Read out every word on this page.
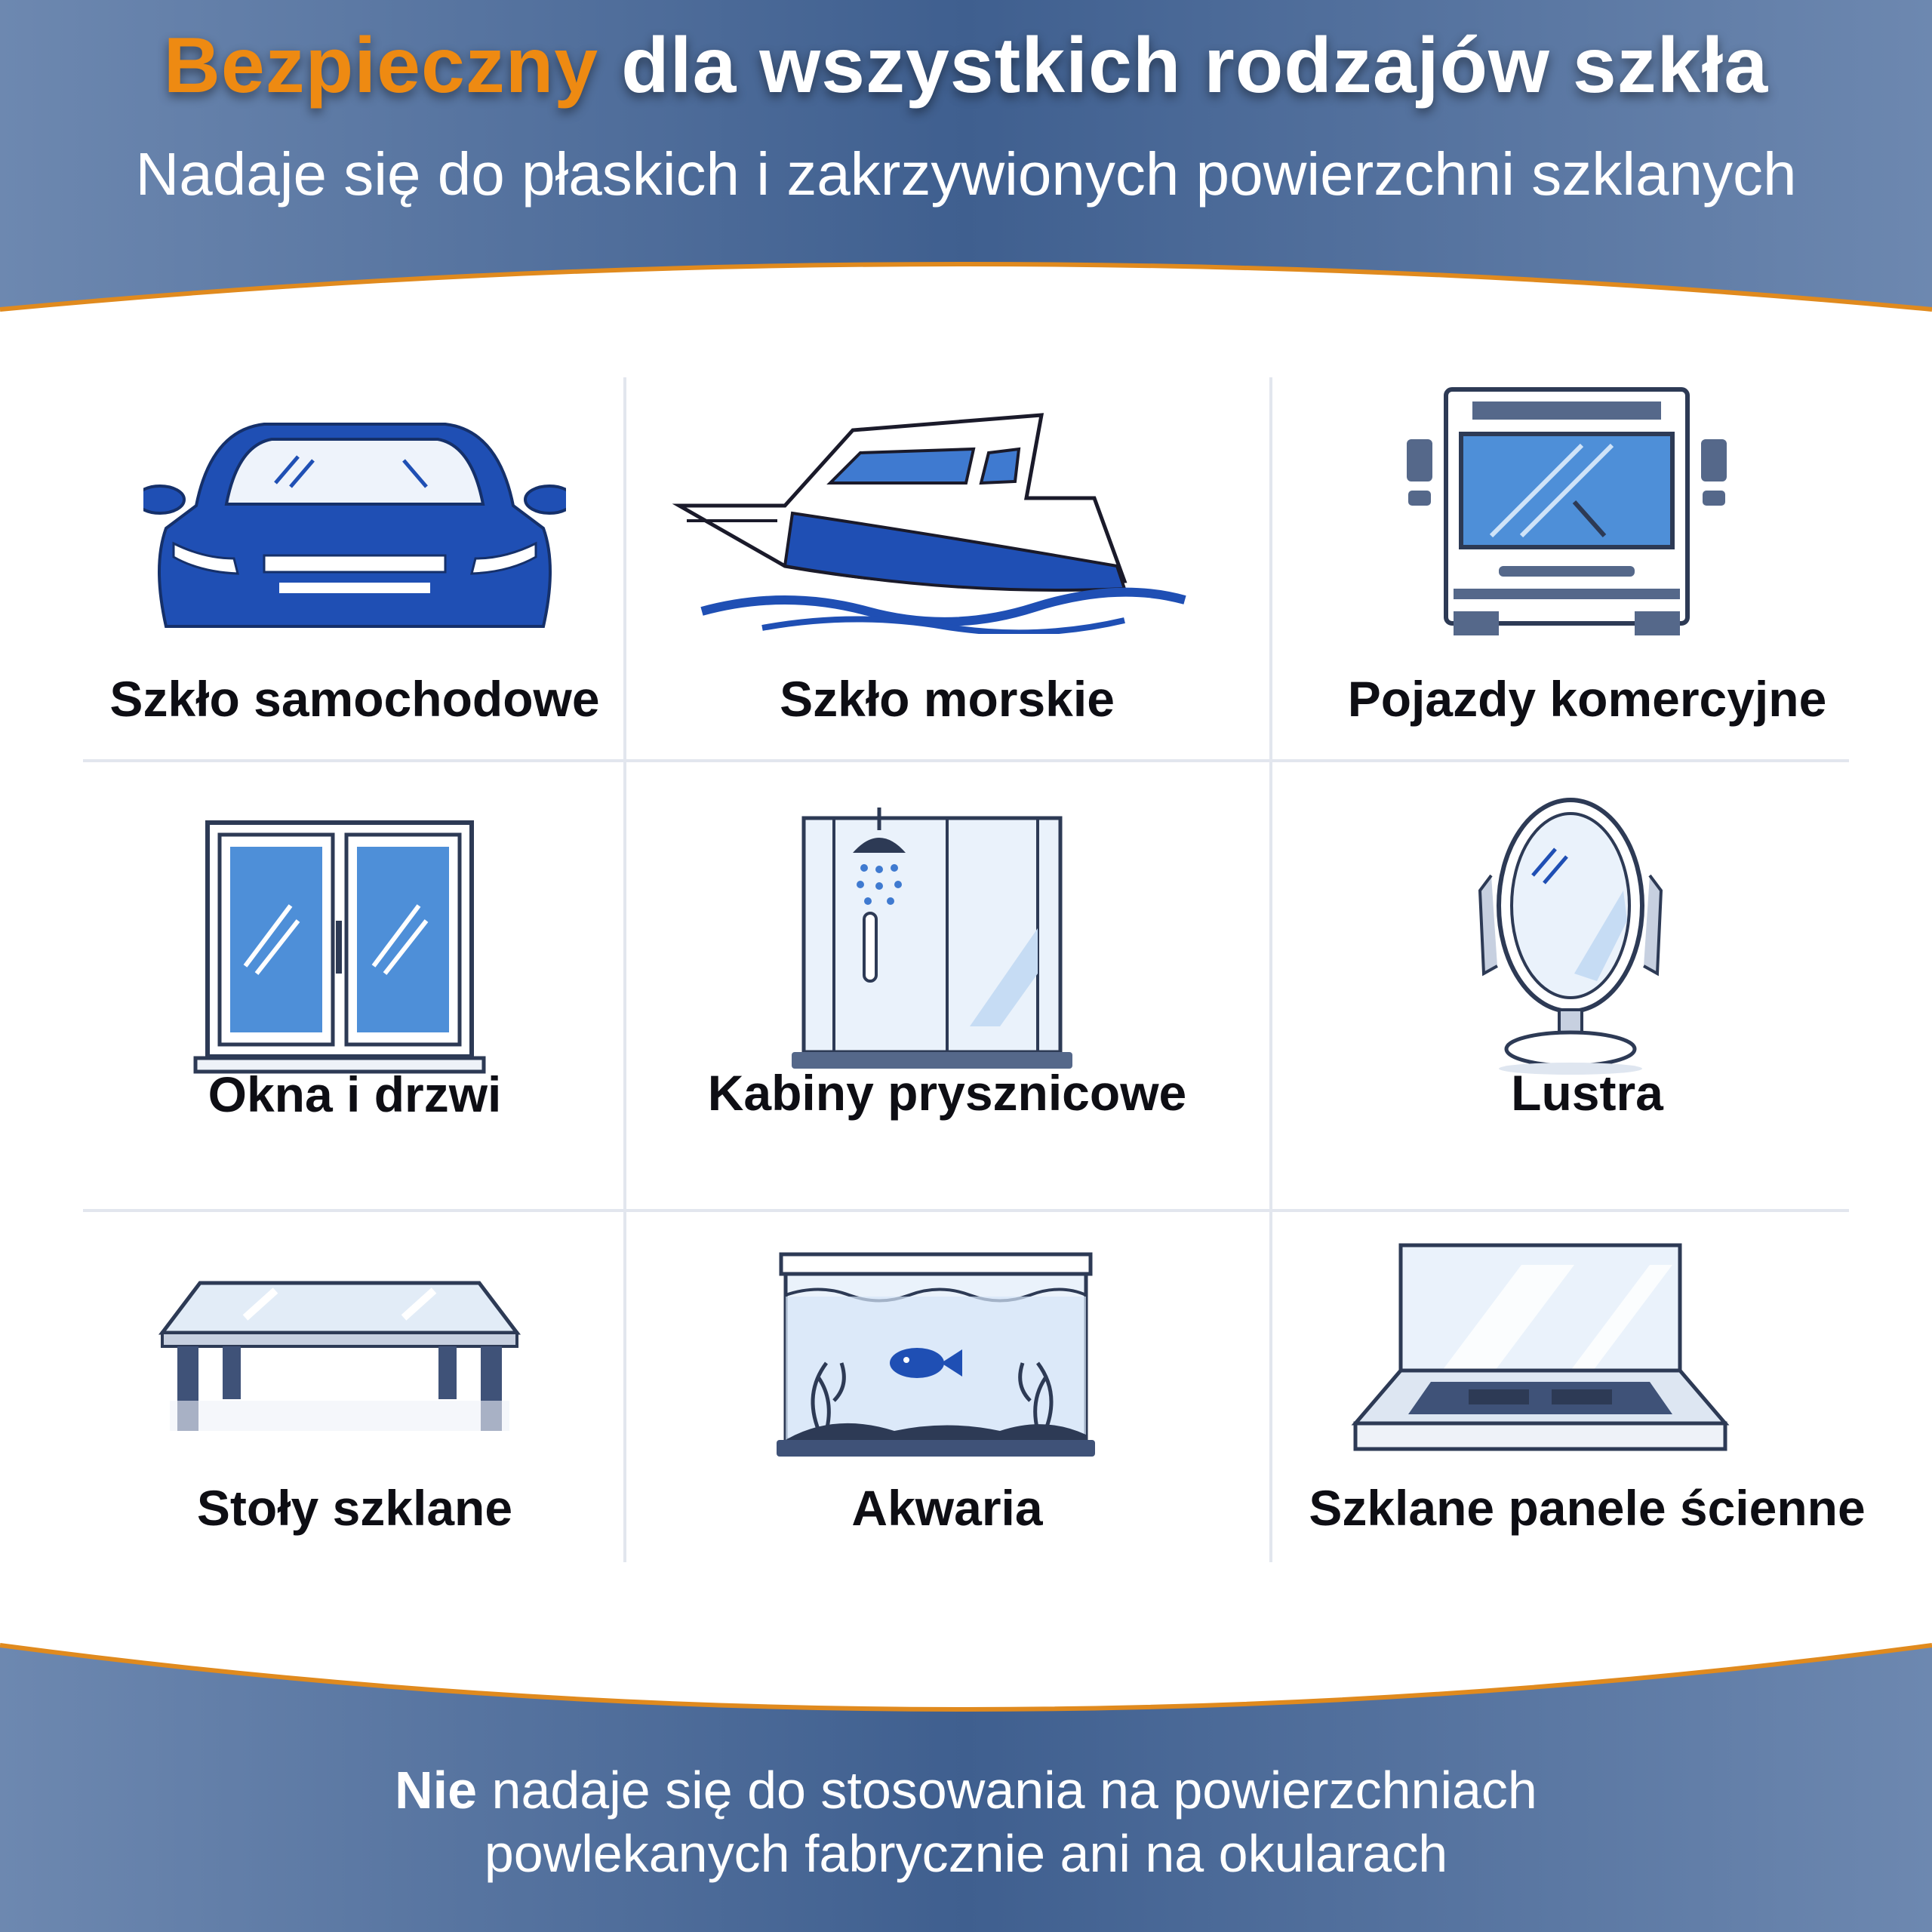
Bezpieczny dla wszystkich rodzajów szkła
Nadaje się do płaskich i zakrzywionych powierzchni szklanych
Szkło samochodowe	Szkło morskie	Pojazdy komercyjne
Okna i drzwi	Kabiny prysznicowe	Lustra
Stoły szklane	Akwaria	Szklane panele ścienne
Nie nadaje się do stosowania na powierzchniach
powlekanych fabrycznie ani na okularach
